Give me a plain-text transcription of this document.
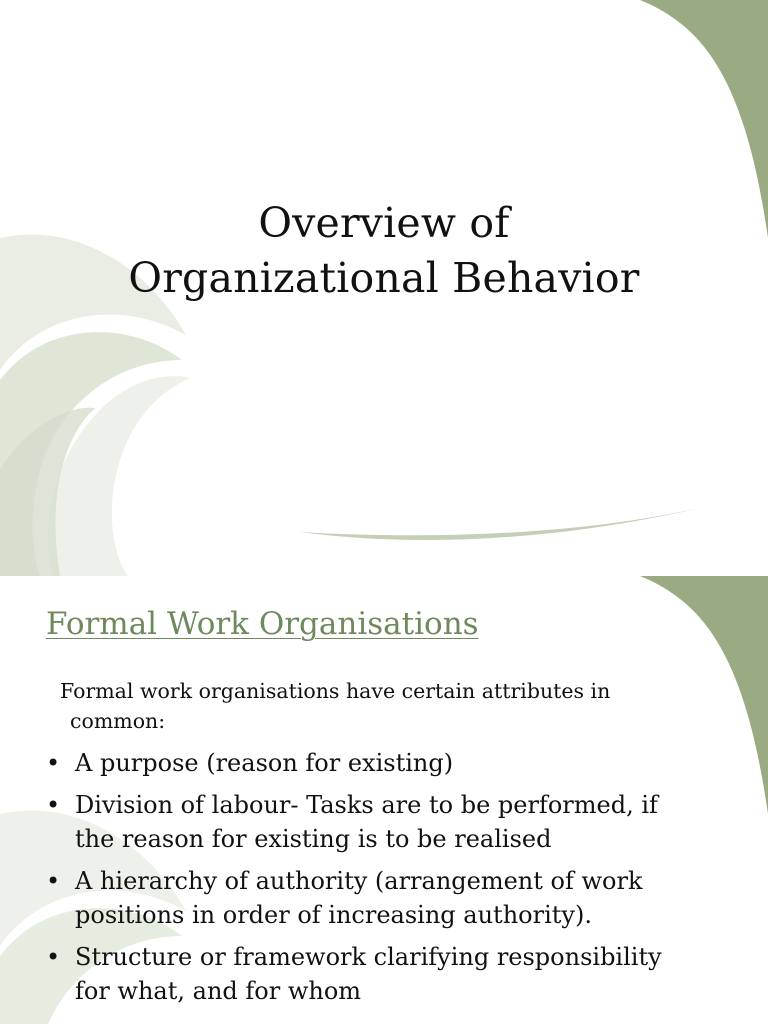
Overview of
Organizational Behavior
Formal Work Organisations

Formal work organisations have certain attributes in
common:

• A purpose (reason for existing)
• Division of labour- Tasks are to be performed, if
the reason for existing is to be realised
• A hierarchy of authority (arrangement of work
positions in order of increasing authority).
• Structure or framework clarifying responsibility
for what, and for whom
